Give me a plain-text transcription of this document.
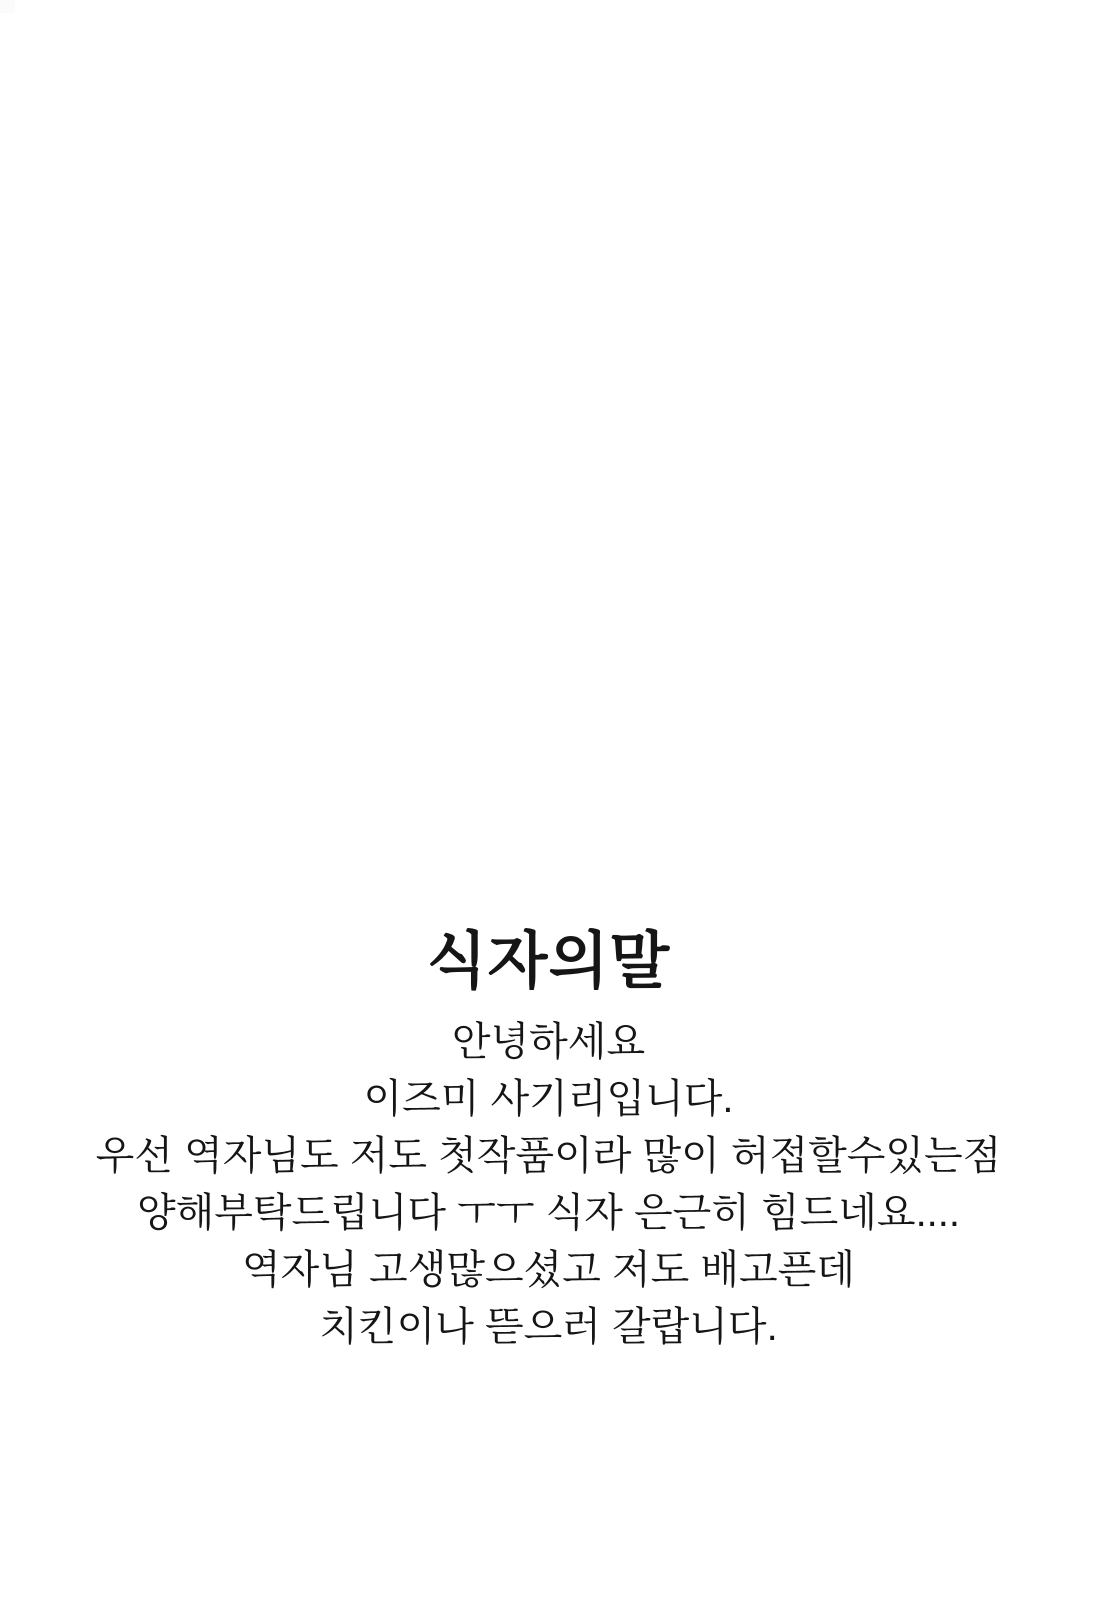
식자의말

안녕하세요

이즈미 사기리입니다.

우선 역자님도 저도 첫작품이라 많이 허접할수있는점

양해부탁드립니다 ㅜㅜ 식자 은근히 힘드네요....

역자님 고생많으셨고 저도 배고픈데

치킨이나 뜯으러 갈랍니다.
